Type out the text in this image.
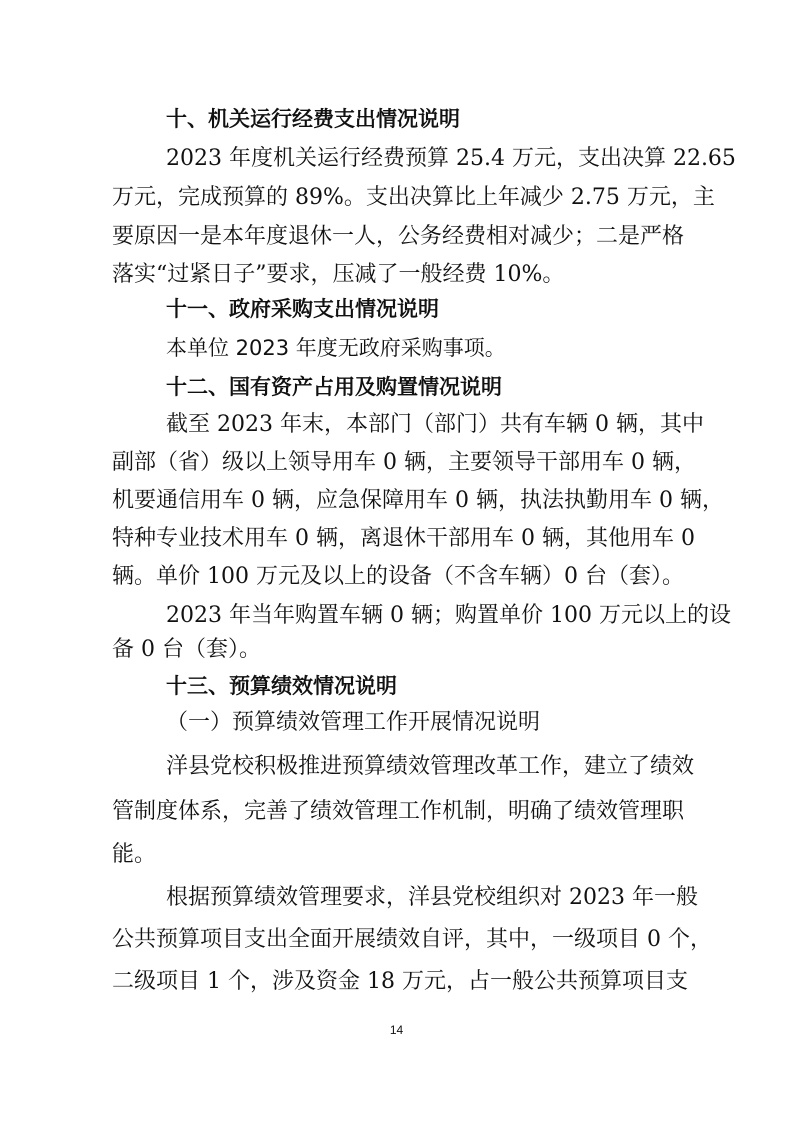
十、机关运行经费支出情况说明
2023 年度机关运行经费预算 25.4 万元，支出决算 22.65
万元，完成预算的 89%。支出决算比上年减少 2.75 万元，主
要原因一是本年度退休一人，公务经费相对减少；二是严格
落实“过紧日子”要求，压减了一般经费 10%。
十一、政府采购支出情况说明
本单位 2023 年度无政府采购事项。
十二、国有资产占用及购置情况说明
截至 2023 年末，本部门（部门）共有车辆 0 辆，其中
副部（省）级以上领导用车 0 辆，主要领导干部用车 0 辆，
机要通信用车 0 辆，应急保障用车 0 辆，执法执勤用车 0 辆，
特种专业技术用车 0 辆，离退休干部用车 0 辆，其他用车 0
辆。单价 100 万元及以上的设备（不含车辆）0 台（套）。
2023 年当年购置车辆 0 辆；购置单价 100 万元以上的设
备 0 台（套）。
十三、预算绩效情况说明
（一）预算绩效管理工作开展情况说明
洋县党校积极推进预算绩效管理改革工作，建立了绩效
管制度体系，完善了绩效管理工作机制，明确了绩效管理职
能。
根据预算绩效管理要求，洋县党校组织对 2023 年一般
公共预算项目支出全面开展绩效自评，其中，一级项目 0 个，
二级项目 1 个，涉及资金 18 万元，占一般公共预算项目支
14
